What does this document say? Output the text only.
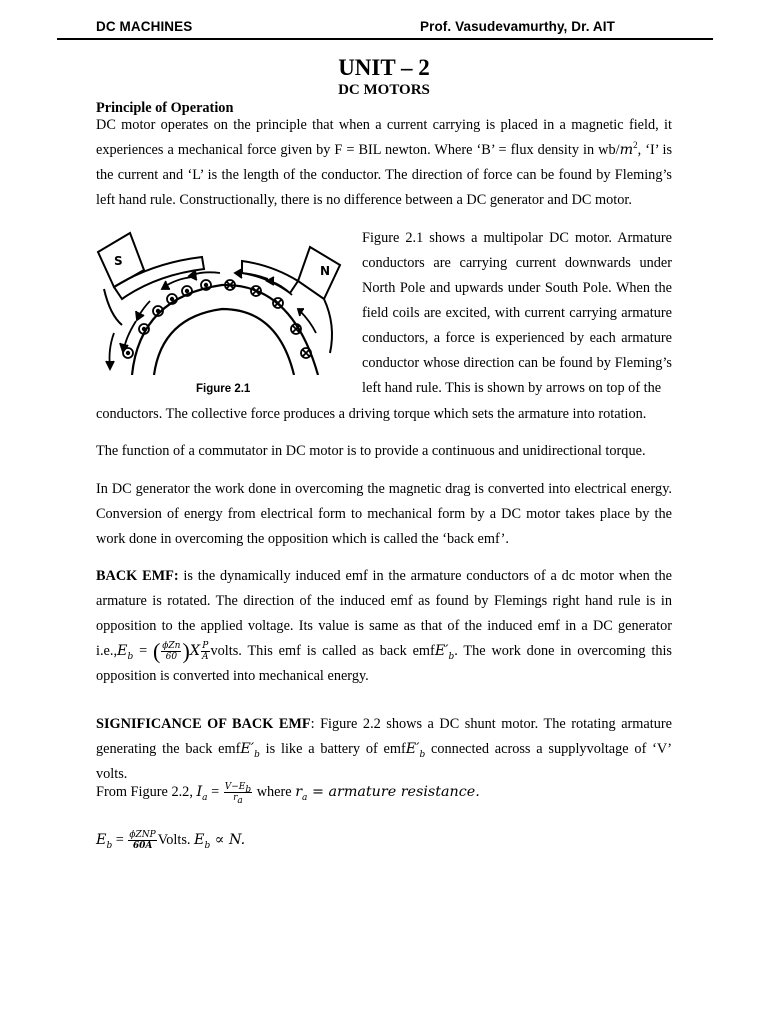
DC MACHINES	Prof. Vasudevamurthy, Dr. AIT
UNIT – 2
DC MOTORS
Principle of Operation
DC motor operates on the principle that when a current carrying is placed in a magnetic field, it experiences a mechanical force given by F = BIL newton. Where ‘B’ = flux density in $wb/m^2$, ‘I’ is the current and ‘L’ is the length of the conductor. The direction of force can be found by Fleming’s left hand rule. Constructionally, there is no difference between a DC generator and DC motor.
S
N
Figure 2.1
Figure 2.1 shows a multipolar DC motor. Armature conductors are carrying current downwards under North Pole and upwards under South Pole. When the field coils are excited, with current carrying armature conductors, a force is experienced by each armature conductor whose direction can be found by Fleming’s left hand rule. This is shown by arrows on top of the
conductors. The collective force produces a driving torque which sets the armature into rotation.
The function of a commutator in DC motor is to provide a continuous and unidirectional torque.
In DC generator the work done in overcoming the magnetic drag is converted into electrical energy. Conversion of energy from electrical form to mechanical form by a DC motor takes place by the work done in overcoming the opposition which is called the ‘back emf’.
BACK EMF: is the dynamically induced emf in the armature conductors of a dc motor when the armature is rotated. The direction of the induced emf as found by Flemings right hand rule is in opposition to the applied voltage. Its value is same as that of the induced emf in a DC generator $i.e.,E_b$ = ( $\frac{\text{ϕZn}}{60} )X \frac{P}{A}$ volts. This emf is called as back $emfE'_b$. The work done in overcoming this opposition is converted into mechanical energy.
SIGNIFICANCE OF BACK EMF: Figure 2.2 shows a DC shunt motor. The rotating armature generating the back $emfE'_b$ is like a battery of $emfE'_b$ connected across a supplyvoltage of ‘V’ volts.
From Figure 2.2, $I_a = \frac{V-E_b}{r_a}$ where $r_a$ = armature resistance.
$E_b = \frac{\text{ϕZNP}}{60A}$ Volts. $E_b \propto N$.
